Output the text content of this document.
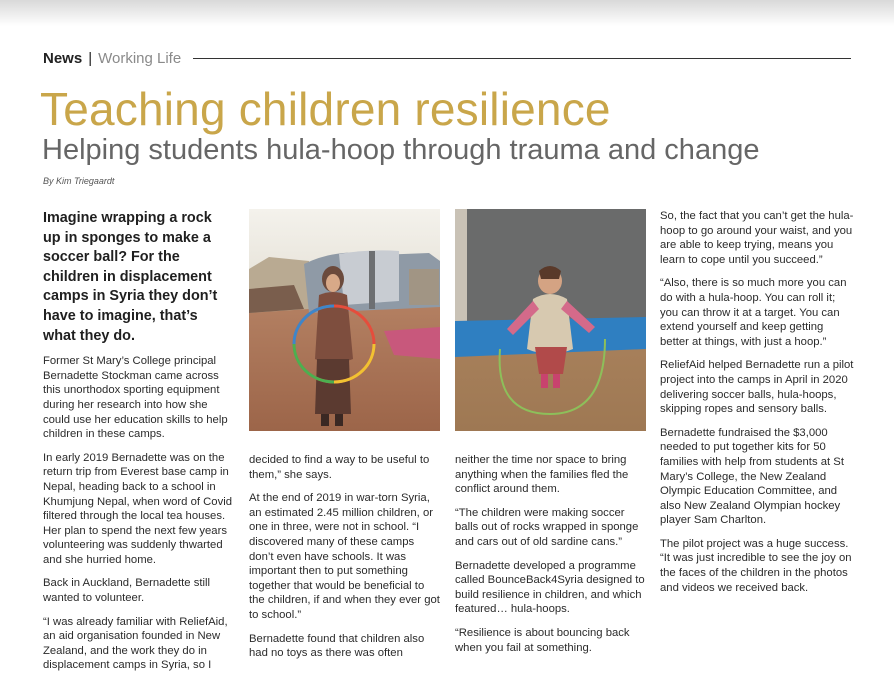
News | Working Life
Teaching children resilience
Helping students hula-hoop through trauma and change
By Kim Triegaardt

Imagine wrapping a rock up in sponges to make a soccer ball? For the children in displacement camps in Syria they don’t have to imagine, that’s what they do.

Former St Mary’s College principal Bernadette Stockman came across this unorthodox sporting equipment during her research into how she could use her education skills to help children in these camps.

In early 2019 Bernadette was on the return trip from Everest base camp in Nepal, heading back to a school in Khumjung Nepal, when word of Covid filtered through the local tea houses. Her plan to spend the next few years volunteering was suddenly thwarted and she hurried home.

Back in Auckland, Bernadette still wanted to volunteer.

“I was already familiar with ReliefAid, an aid organisation founded in New Zealand, and the work they do in displacement camps in Syria, so I

decided to find a way to be useful to them,” she says.

At the end of 2019 in war-torn Syria, an estimated 2.45 million children, or one in three, were not in school. “I discovered many of these camps don’t even have schools. It was important then to put something together that would be beneficial to the children, if and when they ever got to school.”

Bernadette found that children also had no toys as there was often

neither the time nor space to bring anything when the families fled the conflict around them.

“The children were making soccer balls out of rocks wrapped in sponge and cars out of old sardine cans.”

Bernadette developed a programme called BounceBack4Syria designed to build resilience in children, and which featured… hula-hoops.

“Resilience is about bouncing back when you fail at something.

So, the fact that you can’t get the hula-hoop to go around your waist, and you are able to keep trying, means you learn to cope until you succeed.”

“Also, there is so much more you can do with a hula-hoop. You can roll it; you can throw it at a target. You can extend yourself and keep getting better at things, with just a hoop.”

ReliefAid helped Bernadette run a pilot project into the camps in April in 2020 delivering soccer balls, hula-hoops, skipping ropes and sensory balls.

Bernadette fundraised the $3,000 needed to put together kits for 50 families with help from students at St Mary’s College, the New Zealand Olympic Education Committee, and also New Zealand Olympian hockey player Sam Charlton.

The pilot project was a huge success. “It was just incredible to see the joy on the faces of the children in the photos and videos we received back.
